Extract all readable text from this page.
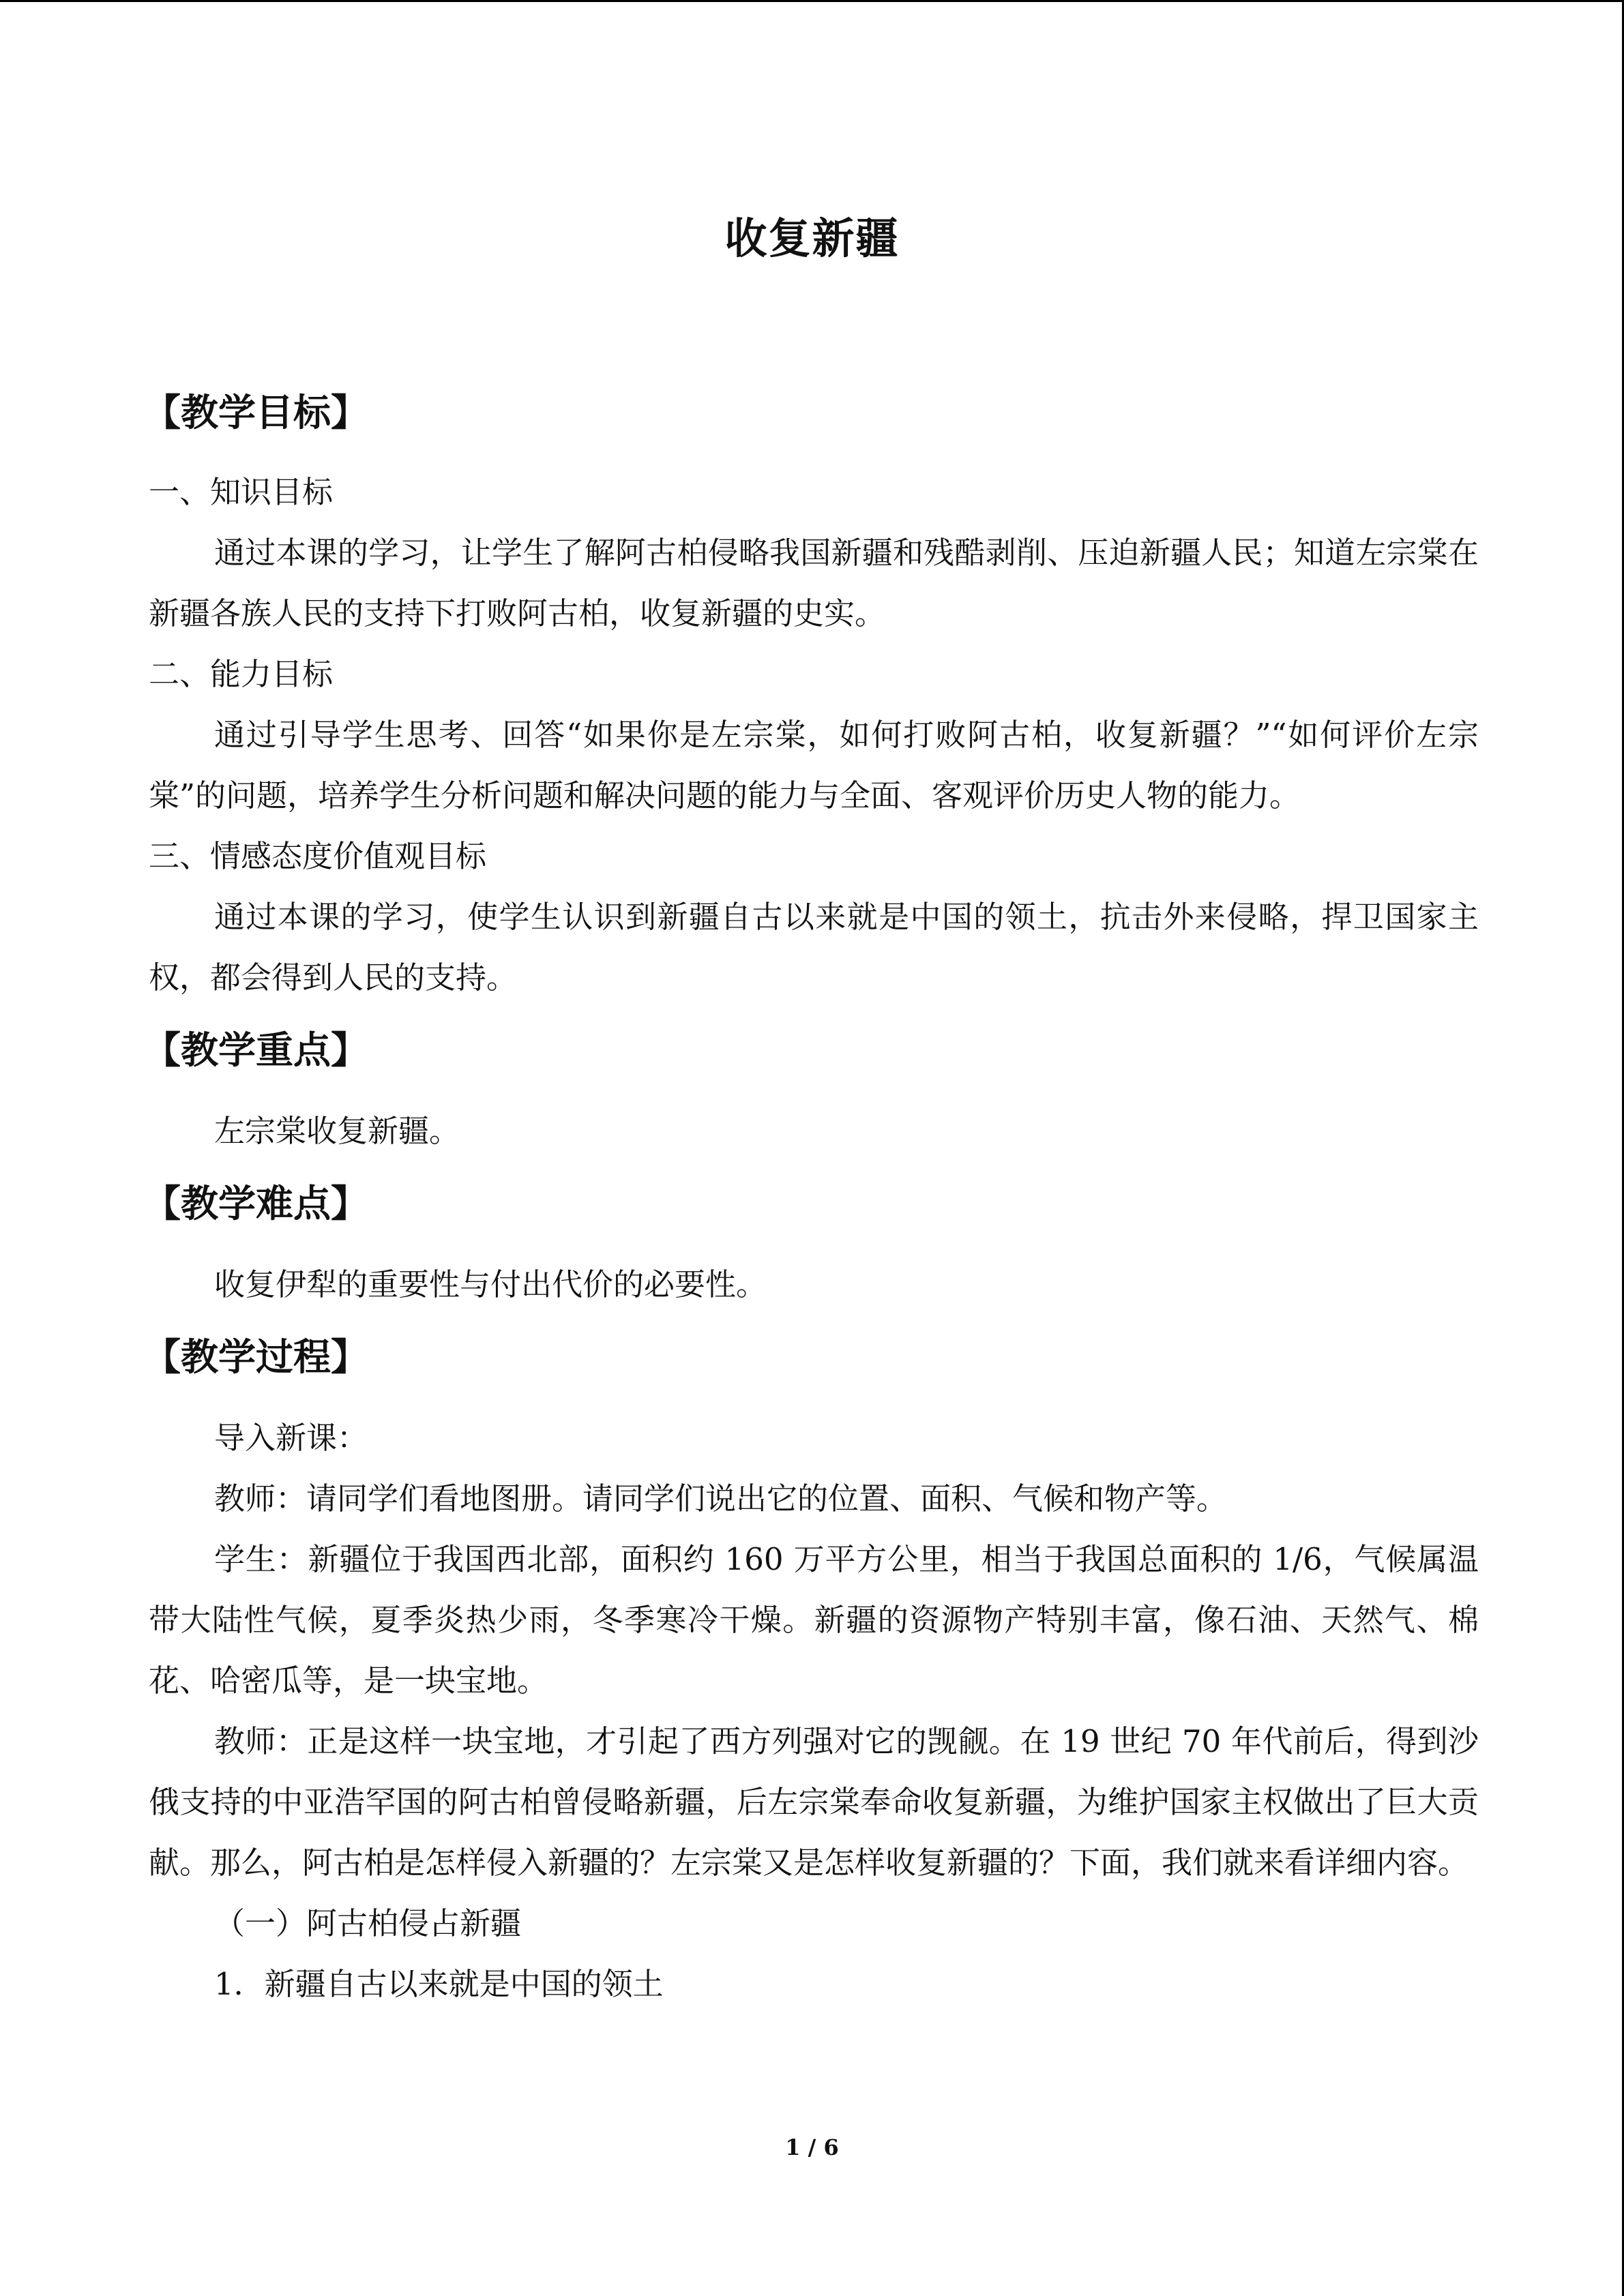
收复新疆
【教学目标】
一、知识目标
通过本课的学习，让学生了解阿古柏侵略我国新疆和残酷剥削、压迫新疆人民；知道左宗棠在新疆各族人民的支持下打败阿古柏，收复新疆的史实。
二、能力目标
通过引导学生思考、回答“如果你是左宗棠，如何打败阿古柏，收复新疆？”“如何评价左宗棠”的问题，培养学生分析问题和解决问题的能力与全面、客观评价历史人物的能力。
三、情感态度价值观目标
通过本课的学习，使学生认识到新疆自古以来就是中国的领土，抗击外来侵略，捍卫国家主权，都会得到人民的支持。
【教学重点】
左宗棠收复新疆。
【教学难点】
收复伊犁的重要性与付出代价的必要性。
【教学过程】
导入新课：
教师：请同学们看地图册。请同学们说出它的位置、面积、气候和物产等。
学生：新疆位于我国西北部，面积约 160 万平方公里，相当于我国总面积的 1/6，气候属温带大陆性气候，夏季炎热少雨，冬季寒冷干燥。新疆的资源物产特别丰富，像石油、天然气、棉花、哈密瓜等，是一块宝地。
教师：正是这样一块宝地，才引起了西方列强对它的觊觎。在 19 世纪 70 年代前后，得到沙俄支持的中亚浩罕国的阿古柏曾侵略新疆，后左宗棠奉命收复新疆，为维护国家主权做出了巨大贡献。那么，阿古柏是怎样侵入新疆的？左宗棠又是怎样收复新疆的？下面，我们就来看详细内容。
（一）阿古柏侵占新疆
1．新疆自古以来就是中国的领土
1 / 6
